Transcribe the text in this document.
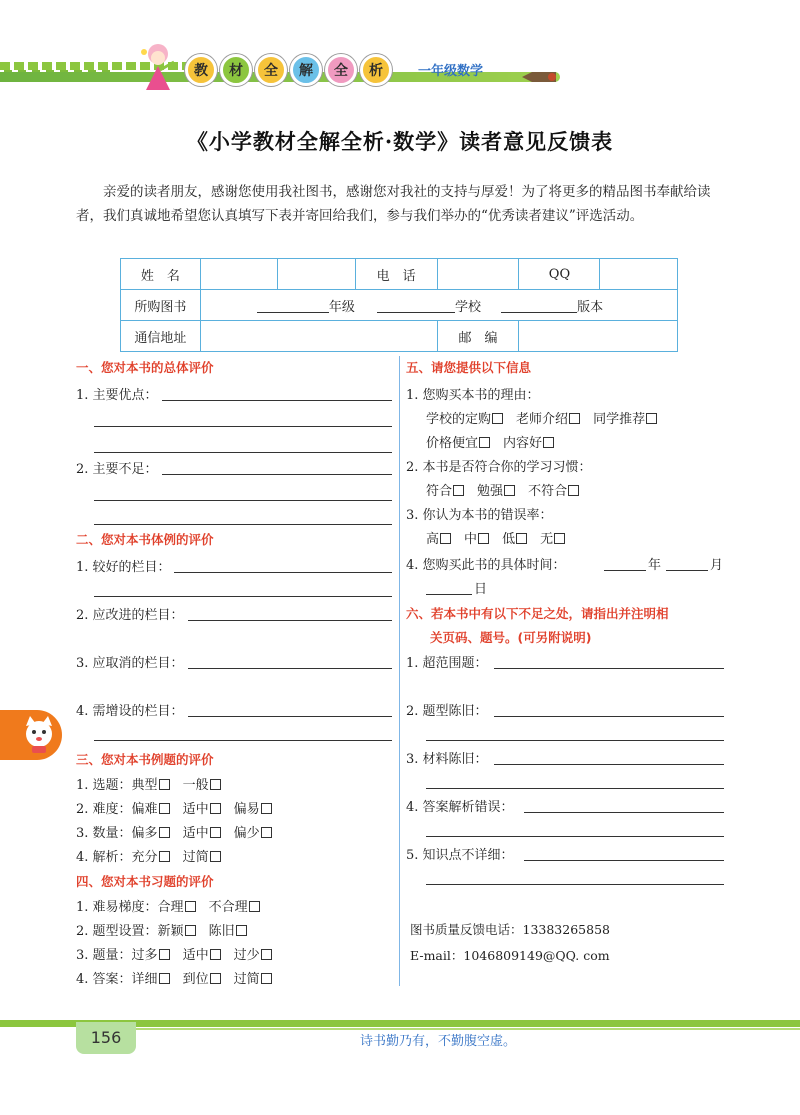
教	材	全	解	全	析	一年级数学
《小学教材全解全析·数学》读者意见反馈表
亲爱的读者朋友，感谢您使用我社图书，感谢您对我社的支持与厚爱！为了将更多的精品图书奉献给读者，我们真诚地希望您认真填写下表并寄回给我们，参与我们举办的“优秀读者建议”评选活动。
姓　名			电　话		QQ	
所购图书	年级 学校 版本					
通信地址				邮　编		
一、您对本书的总体评价
1. 主要优点：
2. 主要不足：
二、您对本书体例的评价
1. 较好的栏目：
2. 应改进的栏目：
3. 应取消的栏目：
4. 需增设的栏目：
三、您对本书例题的评价
1. 选题：典型　 一般
2. 难度：偏难　 适中　 偏易
3. 数量：偏多　 适中　 偏少
4. 解析：充分　 过简
四、您对本书习题的评价
1. 难易梯度：合理　 不合理
2. 题型设置：新颖　 陈旧
3. 题量：过多　 适中　 过少
4. 答案：详细　 到位　 过简
五、请您提供以下信息
1. 您购买本书的理由：
学校的定购　 老师介绍　 同学推荐
价格便宜　 内容好
2. 本书是否符合你的学习习惯：
符合　 勉强　 不符合
3. 你认为本书的错误率：
高　 中　 低　 无
4. 您购买此书的具体时间：	年	月
日
六、若本书中有以下不足之处，请指出并注明相
关页码、题号。(可另附说明)
1. 超范围题：
2. 题型陈旧：
3. 材料陈旧：
4. 答案解析错误：
5. 知识点不详细：
图书质量反馈电话：13383265858
E-mail：1046809149@QQ. com
156	诗书勤乃有，不勤腹空虚。
